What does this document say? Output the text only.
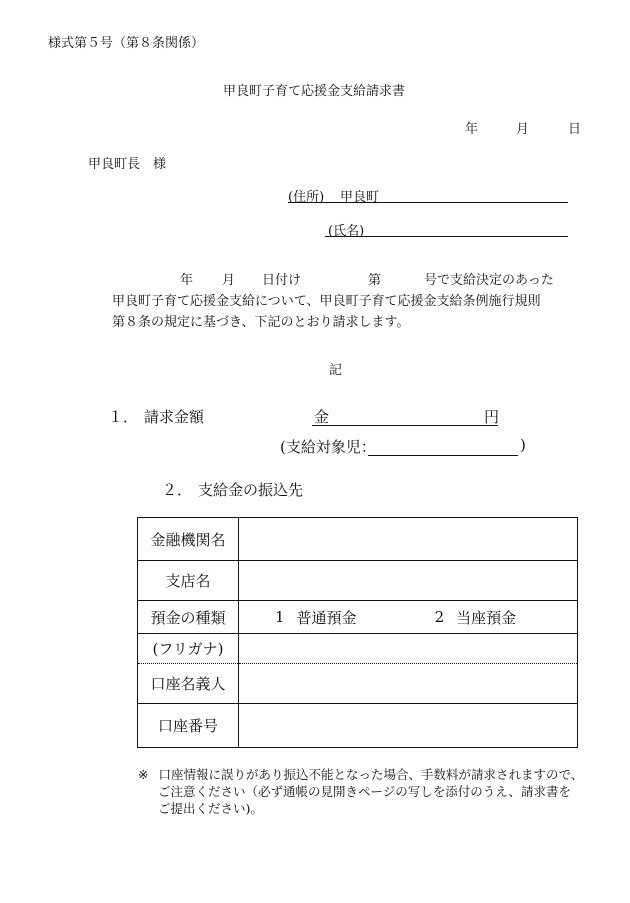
様式第５号（第８条関係）
甲良町子育て応援金支給請求書
年	月	日
甲良町長　様
(住所) 甲良町
(氏名)
年 月 日付け	第	号で支給決定のあった
甲良町子育て応援金支給について、甲良町子育て応援金支給条例施行規則
第８条の規定に基づき、下記のとおり請求します。
記
１． 請求金額	金	円
(支給対象児：	)
２． 支給金の振込先
金融機関名	
支店名	
預金の種類	1 普通預金 2 当座預金

(フリガナ)	
口座名義人	
口座番号	
※ 口座情報に誤りがあり振込不能となった場合、手数料が請求されますので、
ご注意ください（必ず通帳の見開きページの写しを添付のうえ、請求書を
ご提出ください)。
